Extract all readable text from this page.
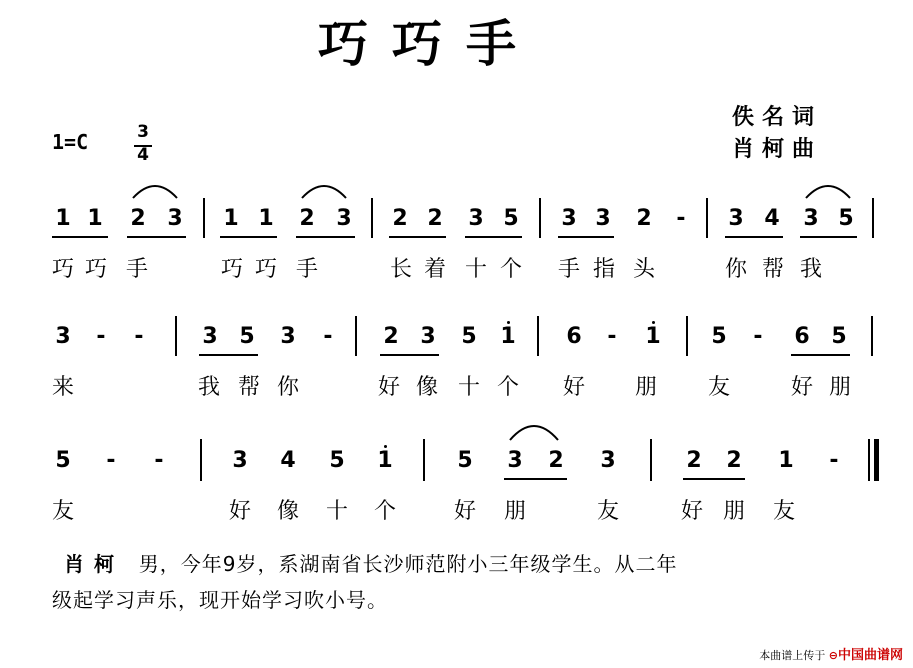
巧巧手
佚名词
肖柯曲
1=C	3
4
1 1 2 3 1 1 2 3 2 2 3 5 3 3 2 - 3 4 3 5
巧 巧 手	巧 巧 手	长 着 十 个 手 指 头	你 帮 我
3 - -	3 5 3 - 2 3 5 1 6 - 1 5 - 6 5
来	我 帮 你	好 像 十 个 好 朋 友	好 朋
5 - -	3 4 5 1	5 3 2 3	2 2 1 -
友	好 像 十 个	好 朋	友	好 朋 友
肖柯 男，今年9岁，系湖南省长沙师范附小三年级学生。从二年
级起学习声乐，现开始学习吹小号。
本曲谱上传于 ⊖中国曲谱网
